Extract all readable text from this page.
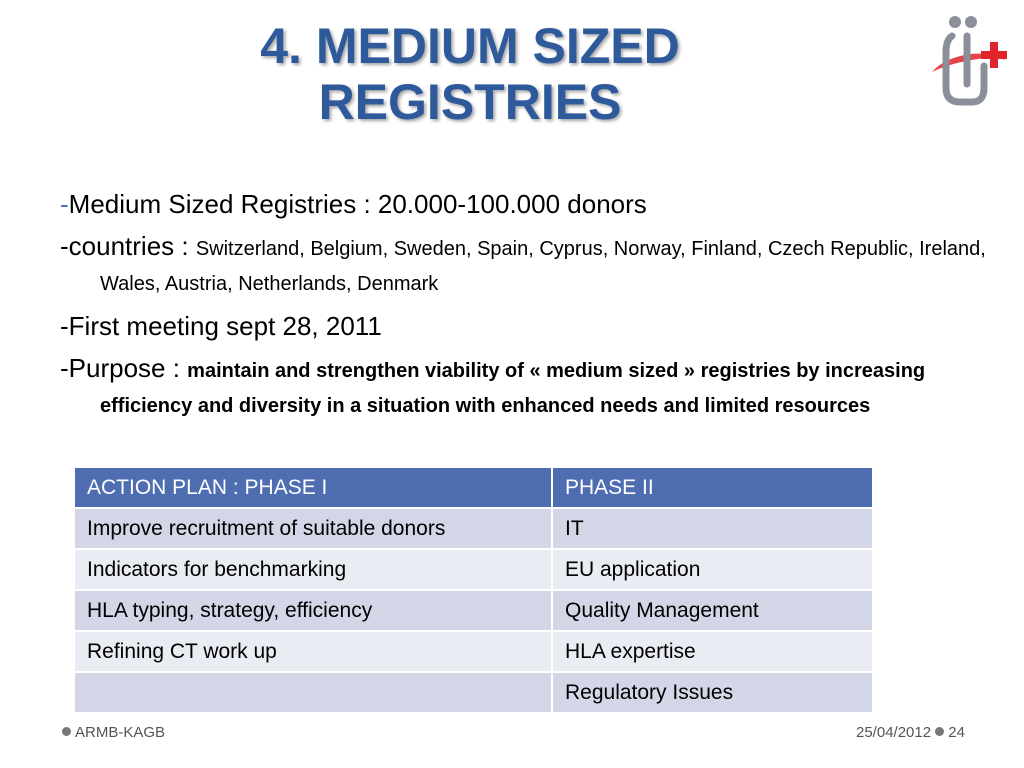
4. MEDIUM SIZED REGISTRIES

-Medium Sized Registries : 20.000-100.000 donors

-countries : Switzerland, Belgium, Sweden, Spain, Cyprus, Norway, Finland, Czech Republic, Ireland, Wales, Austria, Netherlands, Denmark

-First meeting sept 28, 2011

-Purpose : maintain and strengthen viability of « medium sized » registries by increasing efficiency and diversity in a situation with enhanced needs and limited resources

ACTION PLAN : PHASE I	PHASE II
Improve recruitment of suitable donors	IT
Indicators for benchmarking	EU application
HLA typing, strategy, efficiency	Quality Management
Refining CT work up	HLA expertise
	Regulatory Issues
ARMB-KAGB	25/04/2012 24
